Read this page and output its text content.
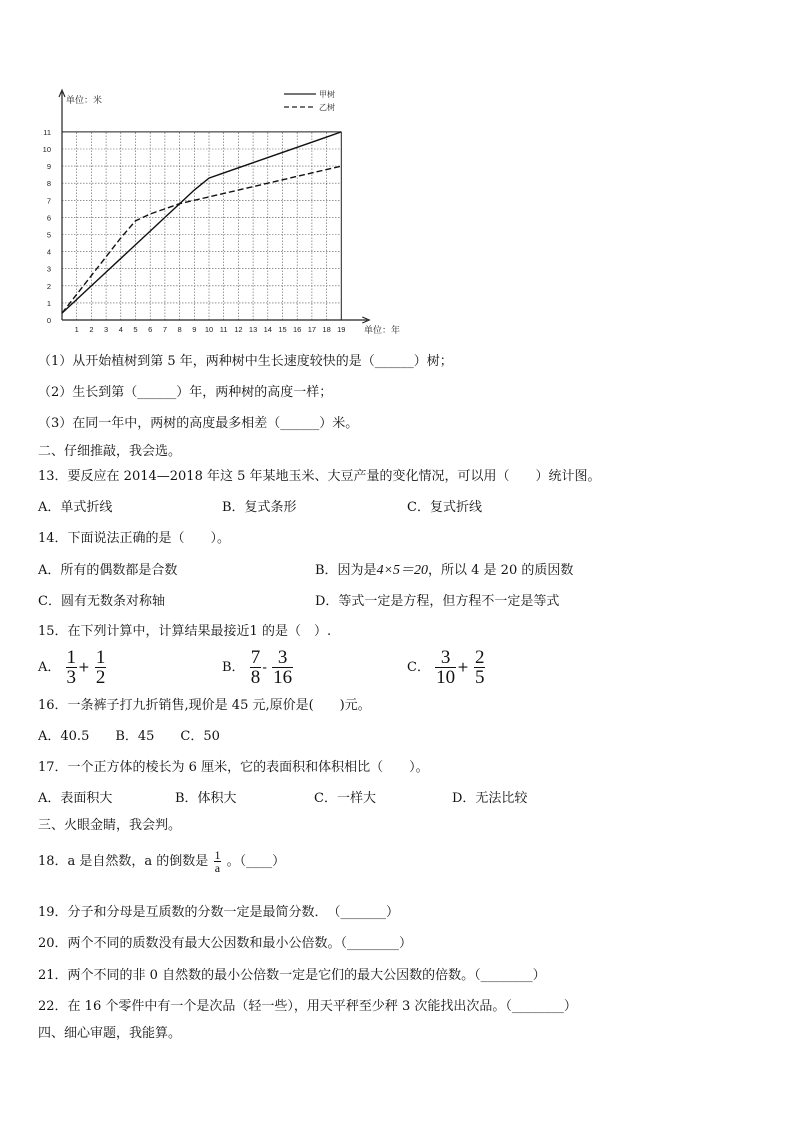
0
1
2
3
4
5
6
7
8
9
10
11
1 2 3 4 5 6 7 8 9 10 11 12 13 14 15 16 17 18 19
单位：米
单位：年
甲树
乙树
（1）从开始植树到第 5 年，两种树中生长速度较快的是（______）树；
（2）生长到第（______）年，两种树的高度一样；
（3）在同一年中，两树的高度最多相差（______）米。
二、仔细推敲，我会选。
13．要反应在 2014—2018 年这 5 年某地玉米、大豆产量的变化情况，可以用（　　）统计图。
A．单式折线	B．复式条形	C．复式折线
14．下面说法正确的是（　　）。
A．所有的偶数都是合数	B．因为是4×5＝20，所以 4 是 20 的质因数
C．圆有无数条对称轴	D．等式一定是方程，但方程不一定是等式
15．在下列计算中，计算结果最接近1 的是（　）.
A． $\frac{1}{3} + \frac{1}{2}$	B． $\frac{7}{8} - \frac{3}{16}$	C． $\frac{3}{10} + \frac{2}{5}$
16．一条裤子打九折销售,现价是 45 元,原价是(　　)元。
A．40.5　　B．45　　C．50
17．一个正方体的棱长为 6 厘米，它的表面积和体积相比（　　）。
A．表面积大	B．体积大	C．一样大	D．无法比较
三、火眼金睛，我会判。
18．a 是自然数，a 的倒数是 $\frac{1}{a}$ 。（____）
19．分子和分母是互质数的分数一定是最简分数．　（_______）
20．两个不同的质数没有最大公因数和最小公倍数。（________）
21．两个不同的非 0 自然数的最小公倍数一定是它们的最大公因数的倍数。（________）
22．在 16 个零件中有一个是次品（轻一些），用天平秤至少秤 3 次能找出次品。（________）
四、细心审题，我能算。
